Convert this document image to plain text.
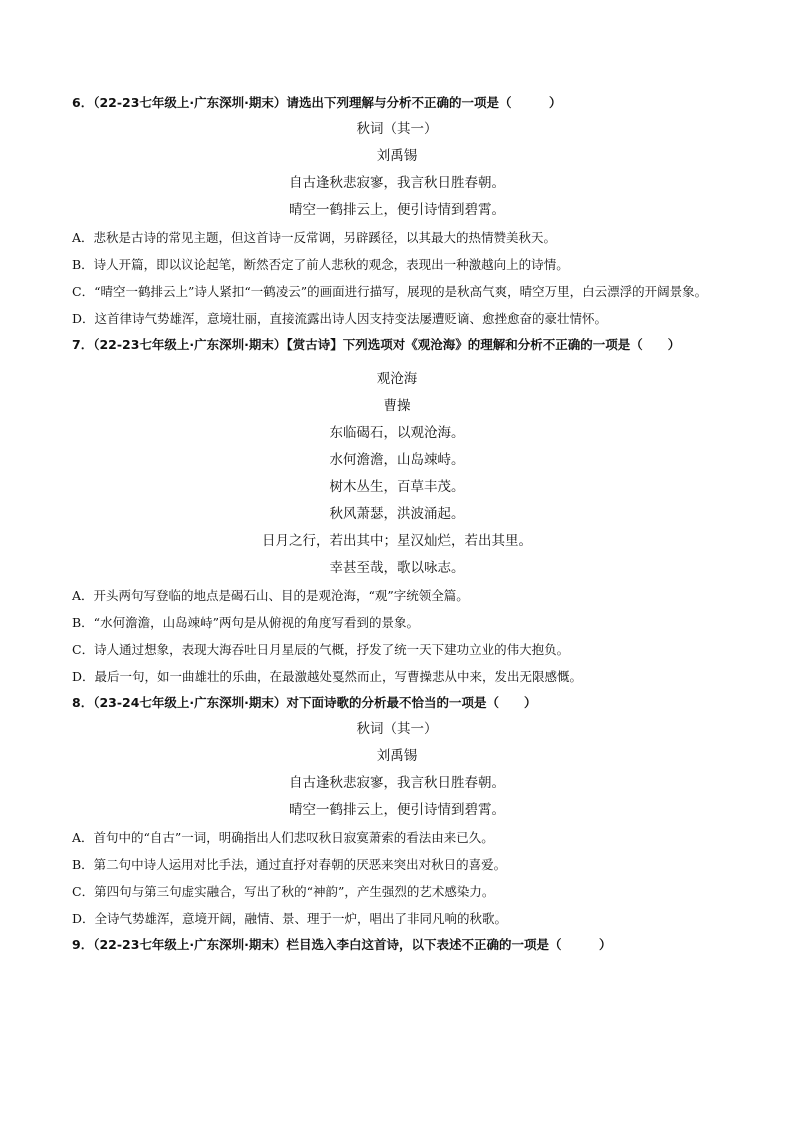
6．（22-23七年级上·广东深圳·期末）请选出下列理解与分析不正确的一项是（　　　）

秋词（其一）

刘禹锡

自古逢秋悲寂寥，我言秋日胜春朝。

晴空一鹤排云上，便引诗情到碧霄。

A．悲秋是古诗的常见主题，但这首诗一反常调，另辟蹊径，以其最大的热情赞美秋天。

B．诗人开篇，即以议论起笔，断然否定了前人悲秋的观念，表现出一种激越向上的诗情。

C．“晴空一鹤排云上”诗人紧扣“一鹤凌云”的画面进行描写，展现的是秋高气爽，晴空万里，白云漂浮的开阔景象。

D．这首律诗气势雄浑，意境壮丽，直接流露出诗人因支持变法屡遭贬谪、愈挫愈奋的豪壮情怀。

7．（22-23七年级上·广东深圳·期末）【赏古诗】下列选项对《观沧海》的理解和分析不正确的一项是（　　）

观沧海

曹操

东临碣石，以观沧海。

水何澹澹，山岛竦峙。

树木丛生，百草丰茂。

秋风萧瑟，洪波涌起。

日月之行，若出其中；星汉灿烂，若出其里。

幸甚至哉，歌以咏志。

A．开头两句写登临的地点是碣石山、目的是观沧海，“观”字统领全篇。

B．“水何澹澹，山岛竦峙”两句是从俯视的角度写看到的景象。

C．诗人通过想象，表现大海吞吐日月星辰的气概，抒发了统一天下建功立业的伟大抱负。

D．最后一句，如一曲雄壮的乐曲，在最激越处戛然而止，写曹操悲从中来，发出无限感慨。

8．（23-24七年级上·广东深圳·期末）对下面诗歌的分析最不恰当的一项是（　　）

秋词（其一）

刘禹锡

自古逢秋悲寂寥，我言秋日胜春朝。

晴空一鹤排云上，便引诗情到碧霄。

A．首句中的“自古”一词，明确指出人们悲叹秋日寂寞萧索的看法由来已久。

B．第二句中诗人运用对比手法，通过直抒对春朝的厌恶来突出对秋日的喜爱。

C．第四句与第三句虚实融合，写出了秋的“神韵”，产生强烈的艺术感染力。

D．全诗气势雄浑，意境开阔，融情、景、理于一炉，唱出了非同凡响的秋歌。

9．（22-23七年级上·广东深圳·期末）栏目选入李白这首诗，以下表述不正确的一项是（　　　）
